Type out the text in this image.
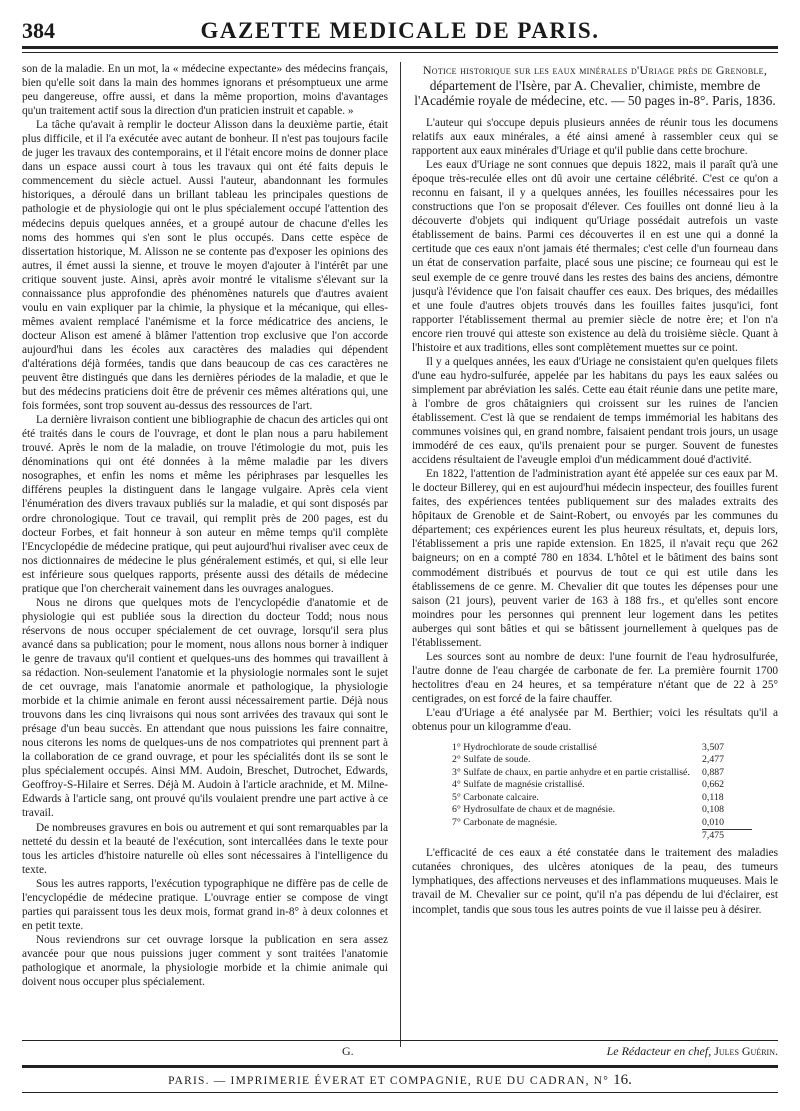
384	GAZETTE MEDICALE DE PARIS.

son de la maladie. En un mot, la « médecine expectante» des médecins français, bien qu'elle soit dans la main des hommes ignorans et présomptueux une arme peu dangereuse, offre aussi, et dans la même proportion, moins d'avantages qu'un traitement actif sous la direction d'un praticien instruit et capable. »

La tâche qu'avait à remplir le docteur Alisson dans la deuxième partie, était plus difficile, et il l'a exécutée avec autant de bonheur. Il n'est pas toujours facile de juger les travaux des contemporains, et il l'était encore moins de donner place dans un espace aussi court à tous les travaux qui ont été faits depuis le commencement du siècle actuel. Aussi l'auteur, abandonnant les formules historiques, a déroulé dans un brillant tableau les principales questions de pathologie et de physiologie qui ont le plus spécialement occupé l'attention des médecins depuis quelques années, et a groupé autour de chacune d'elles les noms des hommes qui s'en sont le plus occupés. Dans cette espèce de dissertation historique, M. Alisson ne se contente pas d'exposer les opinions des autres, il émet aussi la sienne, et trouve le moyen d'ajouter à l'intérêt par une critique souvent juste. Ainsi, après avoir montré le vitalisme s'élevant sur la connaissance plus approfondie des phénomènes naturels que d'autres avaient voulu en vain expliquer par la chimie, la physique et la mécanique, qui elles-mêmes avaient remplacé l'anémisme et la force médicatrice des anciens, le docteur Alison est amené à blâmer l'attention trop exclusive que l'on accorde aujourd'hui dans les écoles aux caractères des maladies qui dépendent d'altérations déjà formées, tandis que dans beaucoup de cas ces caractères ne peuvent être distingués que dans les dernières périodes de la maladie, et que le but des médecins praticiens doit être de prévenir ces mêmes altérations qui, une fois formées, sont trop souvent au-dessus des ressources de l'art.

La dernière livraison contient une bibliographie de chacun des articles qui ont été traités dans le cours de l'ouvrage, et dont le plan nous a paru habilement trouvé. Après le nom de la maladie, on trouve l'étimologie du mot, puis les dénominations qui ont été données à la même maladie par les divers nosographes, et enfin les noms et même les périphrases par lesquelles les différens peuples la distinguent dans le langage vulgaire. Après cela vient l'énumération des divers travaux publiés sur la maladie, et qui sont disposés par ordre chronologique. Tout ce travail, qui remplit près de 200 pages, est du docteur Forbes, et fait honneur à son auteur en même temps qu'il complète l'Encyclopédie de médecine pratique, qui peut aujourd'hui rivaliser avec ceux de nos dictionnaires de médecine le plus généralement estimés, et qui, si elle leur est inférieure sous quelques rapports, présente aussi des détails de médecine pratique que l'on chercherait vainement dans les ouvrages analogues.

Nous ne dirons que quelques mots de l'encyclopédie d'anatomie et de physiologie qui est publiée sous la direction du docteur Todd; nous nous réservons de nous occuper spécialement de cet ouvrage, lorsqu'il sera plus avancé dans sa publication; pour le moment, nous allons nous borner à indiquer le genre de travaux qu'il contient et quelques-uns des hommes qui travaillent à sa rédaction. Non-seulement l'anatomie et la physiologie normales sont le sujet de cet ouvrage, mais l'anatomie anormale et pathologique, la physiologie morbide et la chimie animale en feront aussi nécessairement partie. Déjà nous trouvons dans les cinq livraisons qui nous sont arrivées des travaux qui sont le présage d'un beau succès. En attendant que nous puissions les faire connaitre, nous citerons les noms de quelques-uns de nos compatriotes qui prennent part à la collaboration de ce grand ouvrage, et pour les spécialités dont ils se sont le plus spécialement occupés. Ainsi MM. Audoin, Breschet, Dutrochet, Edwards, Geoffroy-S-Hilaire et Serres. Déjà M. Audoin à l'article arachnide, et M. Milne-Edwards à l'article sang, ont prouvé qu'ils voulaient prendre une part active à ce travail.

De nombreuses gravures en bois ou autrement et qui sont remarquables par la netteté du dessin et la beauté de l'exécution, sont intercallées dans le texte pour tous les articles d'histoire naturelle où elles sont nécessaires à l'intelligence du texte.

Sous les autres rapports, l'exécution typographique ne diffère pas de celle de l'encyclopédie de médecine pratique. L'ouvrage entier se compose de vingt parties qui paraissent tous les deux mois, format grand in-8° à deux colonnes et en petit texte.

Nous reviendrons sur cet ouvrage lorsque la publication en sera assez avancée pour que nous puissions juger comment y sont traitées l'anatomie pathologique et anormale, la physiologie morbide et la chimie animale qui doivent nous occuper plus spécialement.

Notice historique sur les eaux minérales d'Uriage près de Grenoble, département de l'Isère, par A. Chevalier, chimiste, membre de l'Académie royale de médecine, etc. — 50 pages in-8°. Paris, 1836.

L'auteur qui s'occupe depuis plusieurs années de réunir tous les documens relatifs aux eaux minérales, a été ainsi amené à rassembler ceux qui se rapportent aux eaux minérales d'Uriage et qu'il publie dans cette brochure.

Les eaux d'Uriage ne sont connues que depuis 1822, mais il paraît qu'à une époque très-reculée elles ont dû avoir une certaine célébrité. C'est ce qu'on a reconnu en faisant, il y a quelques années, les fouilles nécessaires pour les constructions que l'on se proposait d'élever. Ces fouilles ont donné lieu à la découverte d'objets qui indiquent qu'Uriage possédait autrefois un vaste établissement de bains. Parmi ces découvertes il en est une qui a donné la certitude que ces eaux n'ont jamais été thermales; c'est celle d'un fourneau dans un état de conservation parfaite, placé sous une piscine; ce fourneau qui est le seul exemple de ce genre trouvé dans les restes des bains des anciens, démontre jusqu'à l'évidence que l'on faisait chauffer ces eaux. Des briques, des médailles et une foule d'autres objets trouvés dans les fouilles faites jusqu'ici, font rapporter l'établissement thermal au premier siècle de notre ère; et l'on n'a encore rien trouvé qui atteste son existence au delà du troisième siècle. Quant à l'histoire et aux traditions, elles sont complètement muettes sur ce point.

Il y a quelques années, les eaux d'Uriage ne consistaient qu'en quelques filets d'une eau hydro-sulfurée, appelée par les habitans du pays les eaux salées ou simplement par abréviation les salés. Cette eau était réunie dans une petite mare, à l'ombre de gros châtaigniers qui croissent sur les ruines de l'ancien établissement. C'est là que se rendaient de temps immémorial les habitans des communes voisines qui, en grand nombre, faisaient pendant trois jours, un usage immodéré de ces eaux, qu'ils prenaient pour se purger. Souvent de funestes accidens résultaient de l'aveugle emploi d'un médicamment doué d'activité.

En 1822, l'attention de l'administration ayant été appelée sur ces eaux par M. le docteur Billerey, qui en est aujourd'hui médecin inspecteur, des fouilles furent faites, des expériences tentées publiquement sur des malades extraits des hôpitaux de Grenoble et de Saint-Robert, ou envoyés par les communes du département; ces expériences eurent les plus heureux résultats, et, depuis lors, l'établissement a pris une rapide extension. En 1825, il n'avait reçu que 262 baigneurs; on en a compté 780 en 1834. L'hôtel et le bâtiment des bains sont commodément distribués et pourvus de tout ce qui est utile dans les établissemens de ce genre. M. Chevalier dit que toutes les dépenses pour une saison (21 jours), peuvent varier de 163 à 188 frs., et qu'elles sont encore moindres pour les personnes qui prennent leur logement dans les petites auberges qui sont bâties et qui se bâtissent journellement à quelques pas de l'établissement.

Les sources sont au nombre de deux: l'une fournit de l'eau hydrosulfurée, l'autre donne de l'eau chargée de carbonate de fer. La première fournit 1700 hectolitres d'eau en 24 heures, et sa température n'étant que de 22 à 25° centigrades, on est forcé de la faire chauffer.

L'eau d'Uriage a été analysée par M. Berthier; voici les résultats qu'il a obtenus pour un kilogramme d'eau.

1° Hydrochlorate de soude cristallisé	3,507
2° Sulfate de soude.	2,477
3° Sulfate de chaux, en partie anhydre et en partie cristallisé.	0,887
4° Sulfate de magnésie cristallisé.	0,662
5° Carbonate calcaire.	0,118
6° Hydrosulfate de chaux et de magnésie.	0,108
7° Carbonate de magnésie.	0,010
	7,475

L'efficacité de ces eaux a été constatée dans le traitement des maladies cutanées chroniques, des ulcères atoniques de la peau, des tumeurs lymphatiques, des affections nerveuses et des inflammations muqueuses. Mais le travail de M. Chevalier sur ce point, qu'il n'a pas dépendu de lui d'éclairer, est incomplet, tandis que sous tous les autres points de vue il laisse peu à désirer.

G.	Le Rédacteur en chef, Jules Guérin.
PARIS. — IMPRIMERIE ÉVERAT ET COMPAGNIE, RUE DU CADRAN, N° 16.
